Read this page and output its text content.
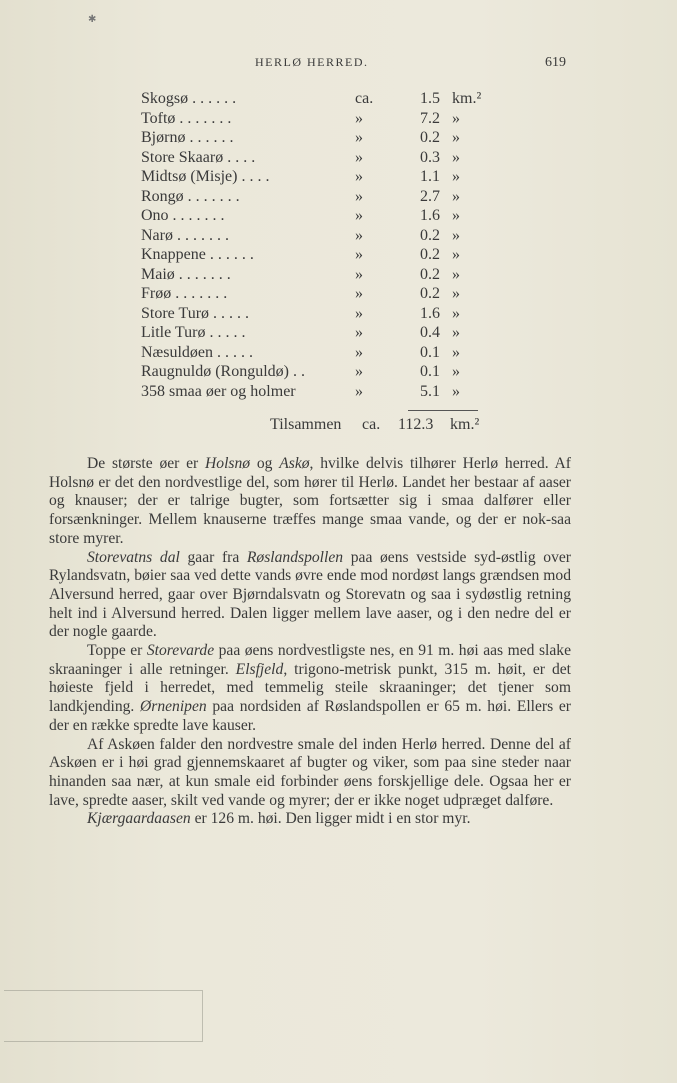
✱
HERLØ HERRED.	619
Skogsø . . . . . .	ca.	1.5 km.²
Toftø . . . . . . .	»	7.2 »
Bjørnø . . . . . .	»	0.2 »
Store Skaarø . . . .	»	0.3 »
Midtsø (Misje) . . . .	»	1.1 »
Rongø . . . . . . .	»	2.7 »
Ono . . . . . . .	»	1.6 »
Narø . . . . . . .	»	0.2 »
Knappene . . . . . .	»	0.2 »
Maiø . . . . . . .	»	0.2 »
Frøø . . . . . . .	»	0.2 »
Store Turø . . . . .	»	1.6 »
Litle Turø . . . . .	»	0.4 »
Næsuldøen . . . . .	»	0.1 »
Raugnuldø (Ronguldø) . .	»	0.1 »
358 smaa øer og holmer	»	5.1 »
Tilsammen ca. 112.3 km.²

De største øer er Holsnø og Askø, hvilke delvis tilhører Herlø herred. Af Holsnø er det den nordvestlige del, som hører til Herlø. Landet her bestaar af aaser og knauser; der er talrige bugter, som fortsætter sig i smaa dalfører eller forsænkninger. Mellem knauserne træffes mange smaa vande, og der er nok-saa store myrer.

Storevatns dal gaar fra Røslandspollen paa øens vestside syd-østlig over Rylandsvatn, bøier saa ved dette vands øvre ende mod nordøst langs grændsen mod Alversund herred, gaar over Bjørndalsvatn og Storevatn og saa i sydøstlig retning helt ind i Alversund herred. Dalen ligger mellem lave aaser, og i den nedre del er der nogle gaarde.

Toppe er Storevarde paa øens nordvestligste nes, en 91 m. høi aas med slake skraaninger i alle retninger. Elsfjeld, trigono-metrisk punkt, 315 m. høit, er det høieste fjeld i herredet, med temmelig steile skraaninger; det tjener som landkjending. Ørnenipen paa nordsiden af Røslandspollen er 65 m. høi. Ellers er der en række spredte lave kauser.

Af Askøen falder den nordvestre smale del inden Herlø herred. Denne del af Askøen er i høi grad gjennemskaaret af bugter og viker, som paa sine steder naar hinanden saa nær, at kun smale eid forbinder øens forskjellige dele. Ogsaa her er lave, spredte aaser, skilt ved vande og myrer; der er ikke noget udpræget dalføre.

Kjærgaardaasen er 126 m. høi. Den ligger midt i en stor myr.
